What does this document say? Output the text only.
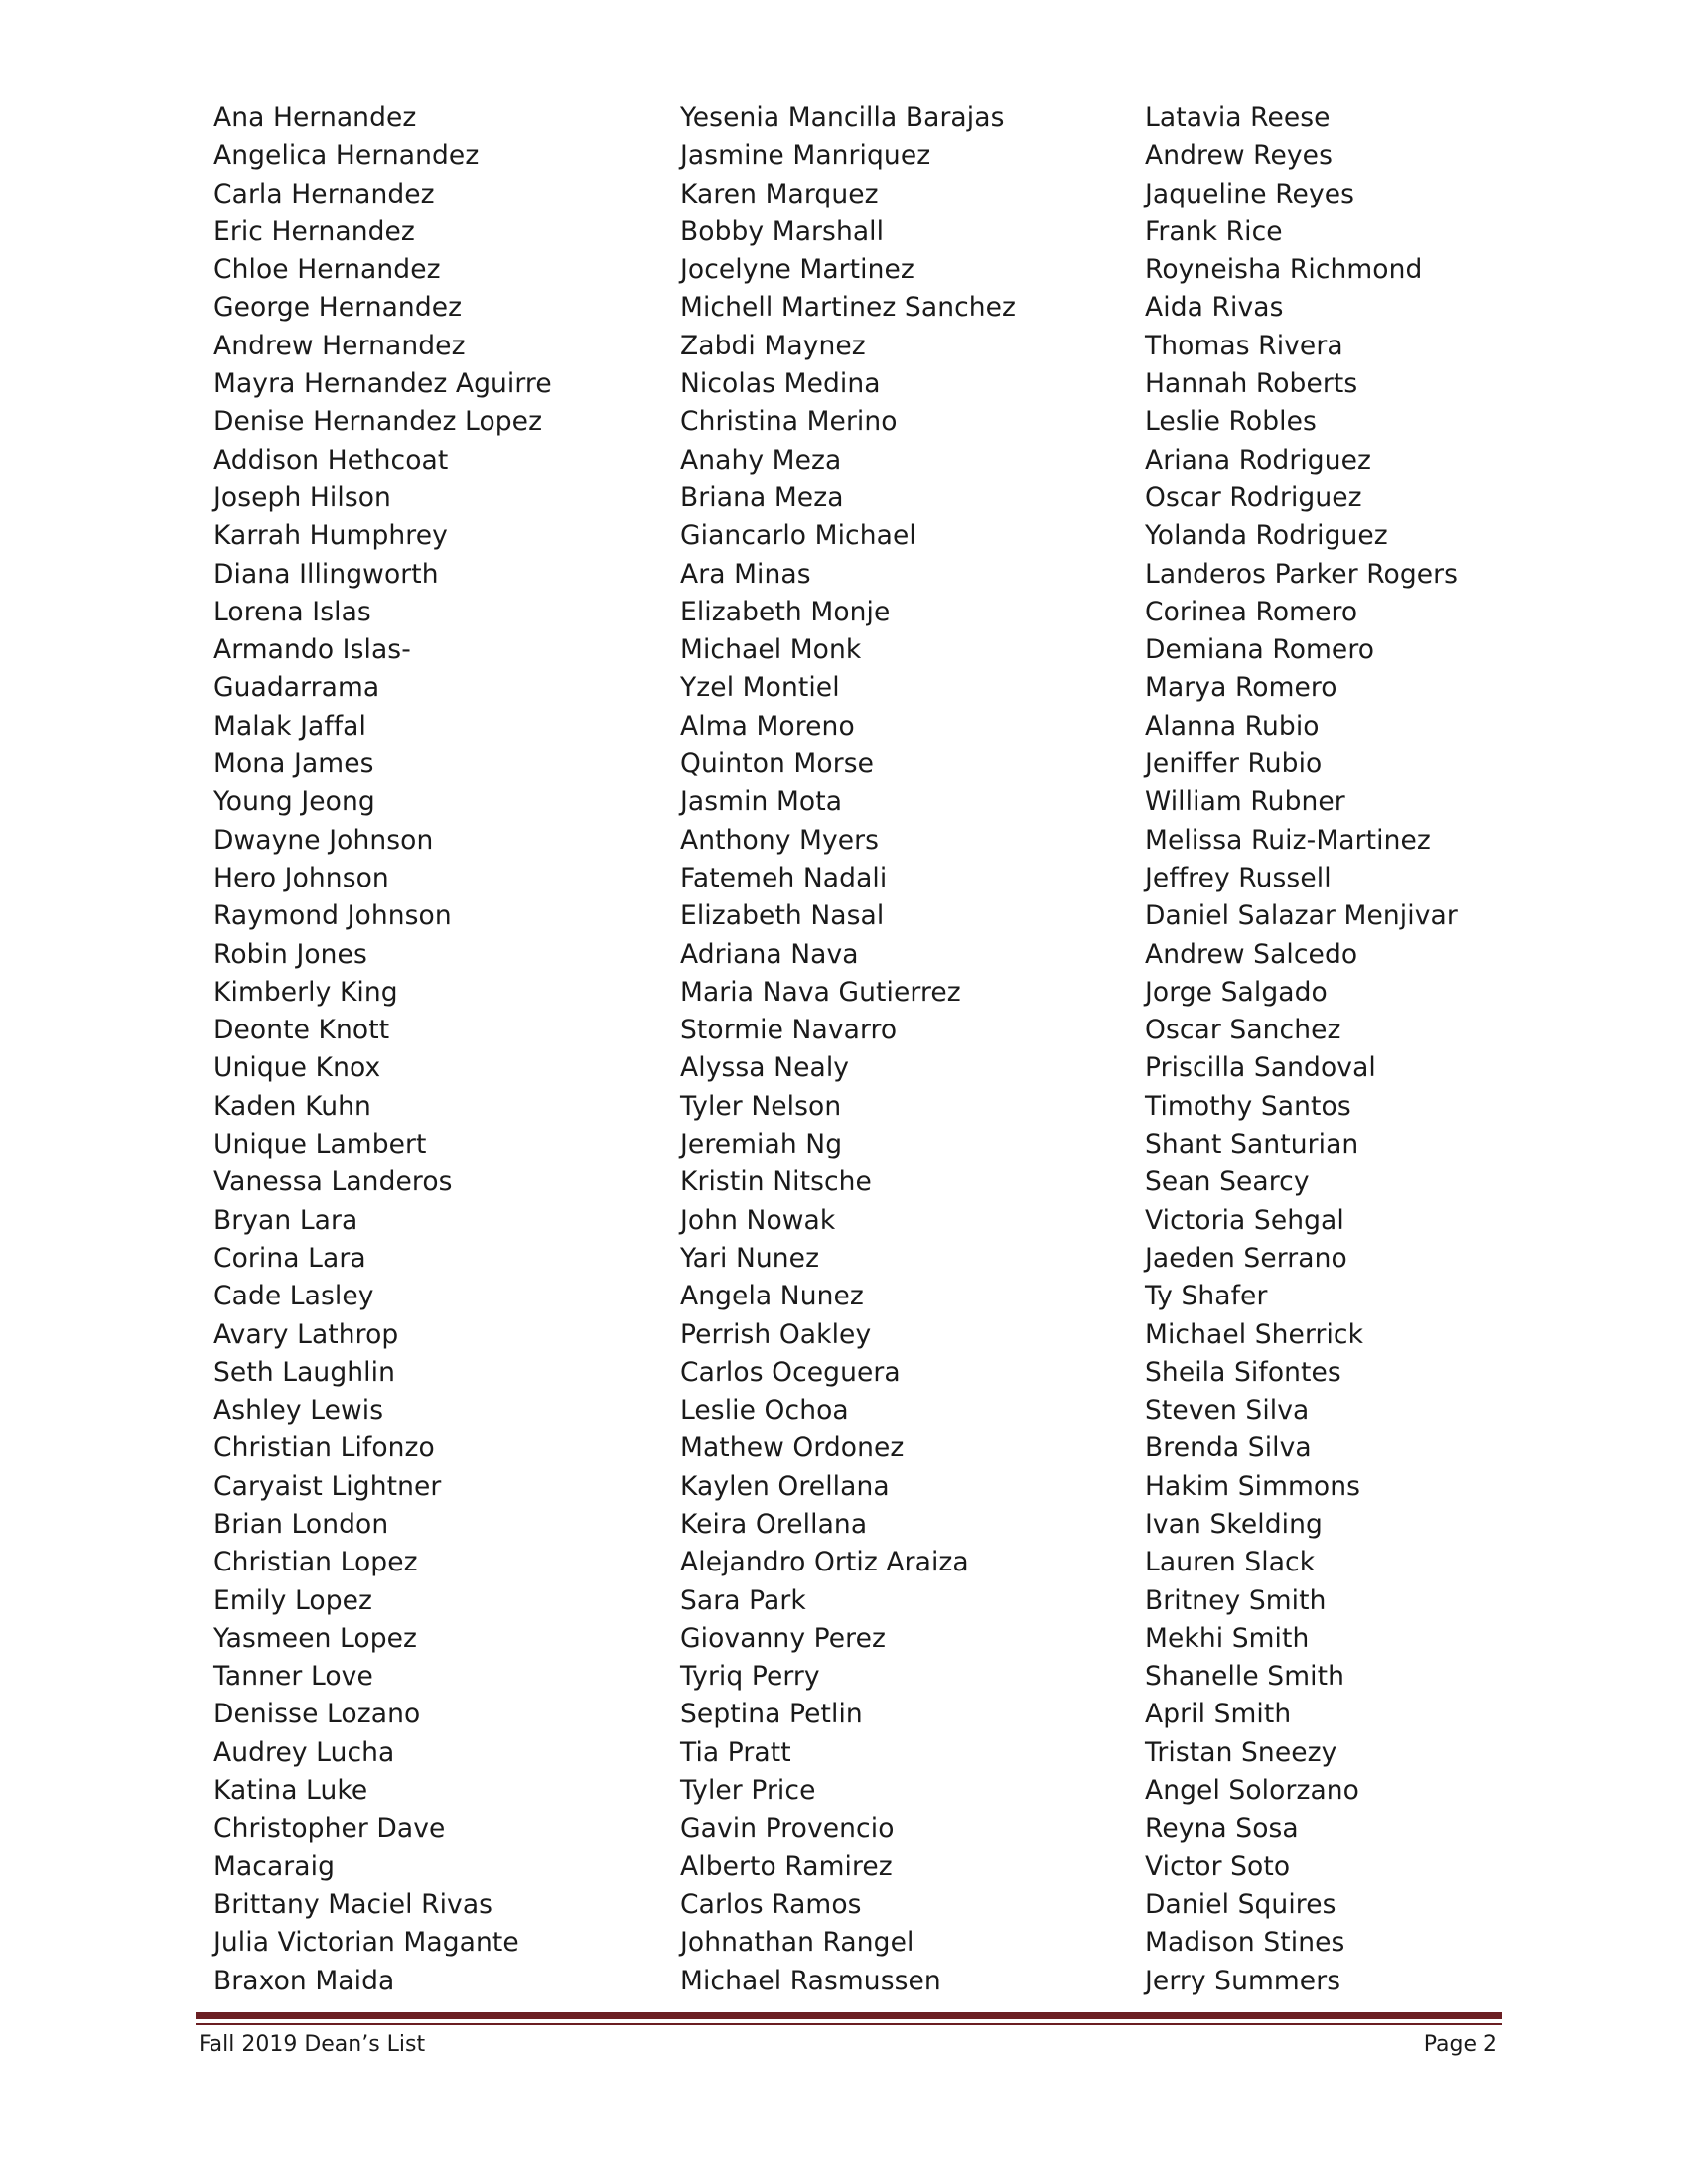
Ana Hernandez
Angelica Hernandez
Carla Hernandez
Eric Hernandez
Chloe Hernandez
George Hernandez
Andrew Hernandez
Mayra Hernandez Aguirre
Denise Hernandez Lopez
Addison Hethcoat
Joseph Hilson
Karrah Humphrey
Diana Illingworth
Lorena Islas
Armando Islas-
Guadarrama
Malak Jaffal
Mona James
Young Jeong
Dwayne Johnson
Hero Johnson
Raymond Johnson
Robin Jones
Kimberly King
Deonte Knott
Unique Knox
Kaden Kuhn
Unique Lambert
Vanessa Landeros
Bryan Lara
Corina Lara
Cade Lasley
Avary Lathrop
Seth Laughlin
Ashley Lewis
Christian Lifonzo
Caryaist Lightner
Brian London
Christian Lopez
Emily Lopez
Yasmeen Lopez
Tanner Love
Denisse Lozano
Audrey Lucha
Katina Luke
Christopher Dave
Macaraig
Brittany Maciel Rivas
Julia Victorian Magante
Braxon Maida
Yesenia Mancilla Barajas
Jasmine Manriquez
Karen Marquez
Bobby Marshall
Jocelyne Martinez
Michell Martinez Sanchez
Zabdi Maynez
Nicolas Medina
Christina Merino
Anahy Meza
Briana Meza
Giancarlo Michael
Ara Minas
Elizabeth Monje
Michael Monk
Yzel Montiel
Alma Moreno
Quinton Morse
Jasmin Mota
Anthony Myers
Fatemeh Nadali
Elizabeth Nasal
Adriana Nava
Maria Nava Gutierrez
Stormie Navarro
Alyssa Nealy
Tyler Nelson
Jeremiah Ng
Kristin Nitsche
John Nowak
Yari Nunez
Angela Nunez
Perrish Oakley
Carlos Oceguera
Leslie Ochoa
Mathew Ordonez
Kaylen Orellana
Keira Orellana
Alejandro Ortiz Araiza
Sara Park
Giovanny Perez
Tyriq Perry
Septina Petlin
Tia Pratt
Tyler Price
Gavin Provencio
Alberto Ramirez
Carlos Ramos
Johnathan Rangel
Michael Rasmussen
Latavia Reese
Andrew Reyes
Jaqueline Reyes
Frank Rice
Royneisha Richmond
Aida Rivas
Thomas Rivera
Hannah Roberts
Leslie Robles
Ariana Rodriguez
Oscar Rodriguez
Yolanda Rodriguez
Landeros Parker Rogers
Corinea Romero
Demiana Romero
Marya Romero
Alanna Rubio
Jeniffer Rubio
William Rubner
Melissa Ruiz-Martinez
Jeffrey Russell
Daniel Salazar Menjivar
Andrew Salcedo
Jorge Salgado
Oscar Sanchez
Priscilla Sandoval
Timothy Santos
Shant Santurian
Sean Searcy
Victoria Sehgal
Jaeden Serrano
Ty Shafer
Michael Sherrick
Sheila Sifontes
Steven Silva
Brenda Silva
Hakim Simmons
Ivan Skelding
Lauren Slack
Britney Smith
Mekhi Smith
Shanelle Smith
April Smith
Tristan Sneezy
Angel Solorzano
Reyna Sosa
Victor Soto
Daniel Squires
Madison Stines
Jerry Summers
Fall 2019 Dean’s List	Page 2
